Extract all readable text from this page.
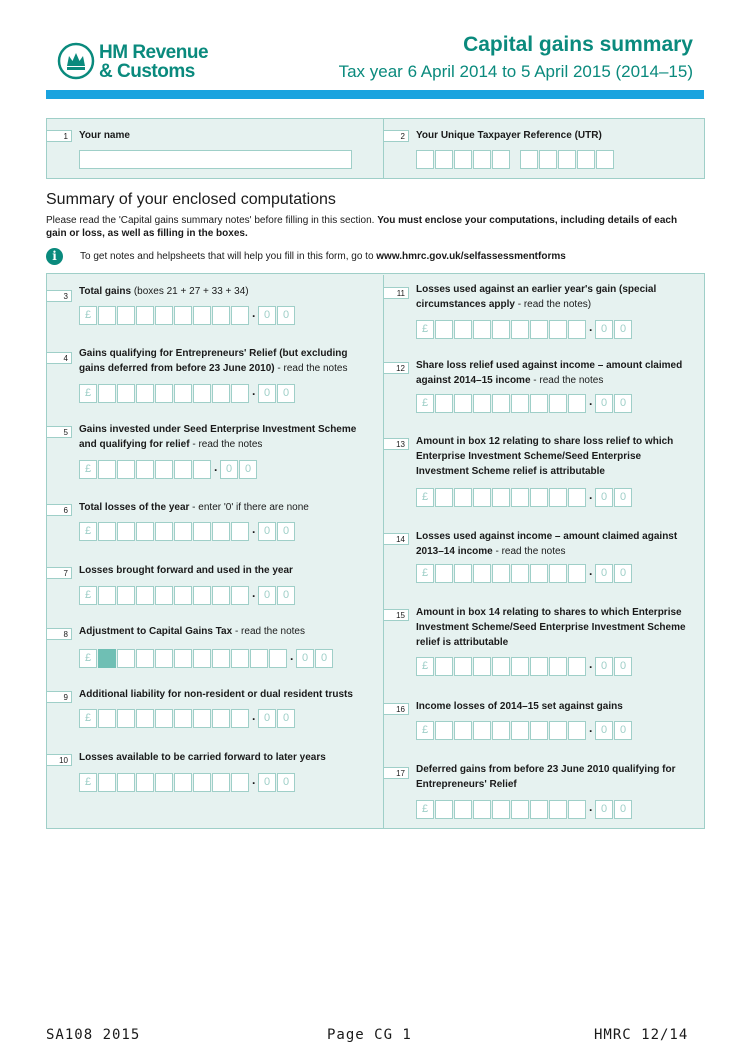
HM Revenue
& Customs
Capital gains summary
Tax year 6 April 2014 to 5 April 2015 (2014–15)
1	Your name	2	Your Unique Taxpayer Reference (UTR)
Summary of your enclosed computations
Please read the 'Capital gains summary notes' before filling in this section. You must enclose your computations, including details of each gain or loss, as well as filling in the boxes.
i	To get notes and helpsheets that will help you fill in this form, go to www.hmrc.gov.uk/selfassessmentforms
3	Total gains (boxes 21 + 27 + 33 + 34)
£	· 0	0
4	Gains qualifying for Entrepreneurs' Relief (but excluding gains deferred from before 23 June 2010) - read the notes
£	· 0	0
5	Gains invested under Seed Enterprise Investment Scheme and qualifying for relief - read the notes
£	· 0	0
6	Total losses of the year - enter '0' if there are none
£	· 0	0
7	Losses brought forward and used in the year
£	· 0	0
8	Adjustment to Capital Gains Tax - read the notes
£	· 0	0
9	Additional liability for non-resident or dual resident trusts
£	· 0	0
10	Losses available to be carried forward to later years
£	· 0	0
11	Losses used against an earlier year's gain (special circumstances apply - read the notes)
£	· 0	0
12	Share loss relief used against income – amount claimed against 2014–15 income - read the notes
£	· 0	0
13	Amount in box 12 relating to share loss relief to which Enterprise Investment Scheme/Seed Enterprise Investment Scheme relief is attributable
£	· 0	0
14	Losses used against income – amount claimed against 2013–14 income - read the notes
£	· 0	0
15	Amount in box 14 relating to shares to which Enterprise Investment Scheme/Seed Enterprise Investment Scheme relief is attributable
£	· 0	0
16	Income losses of 2014–15 set against gains
£	· 0	0
17	Deferred gains from before 23 June 2010 qualifying for Entrepreneurs' Relief
£	· 0	0
SA108 2015	Page CG 1	HMRC 12/14
